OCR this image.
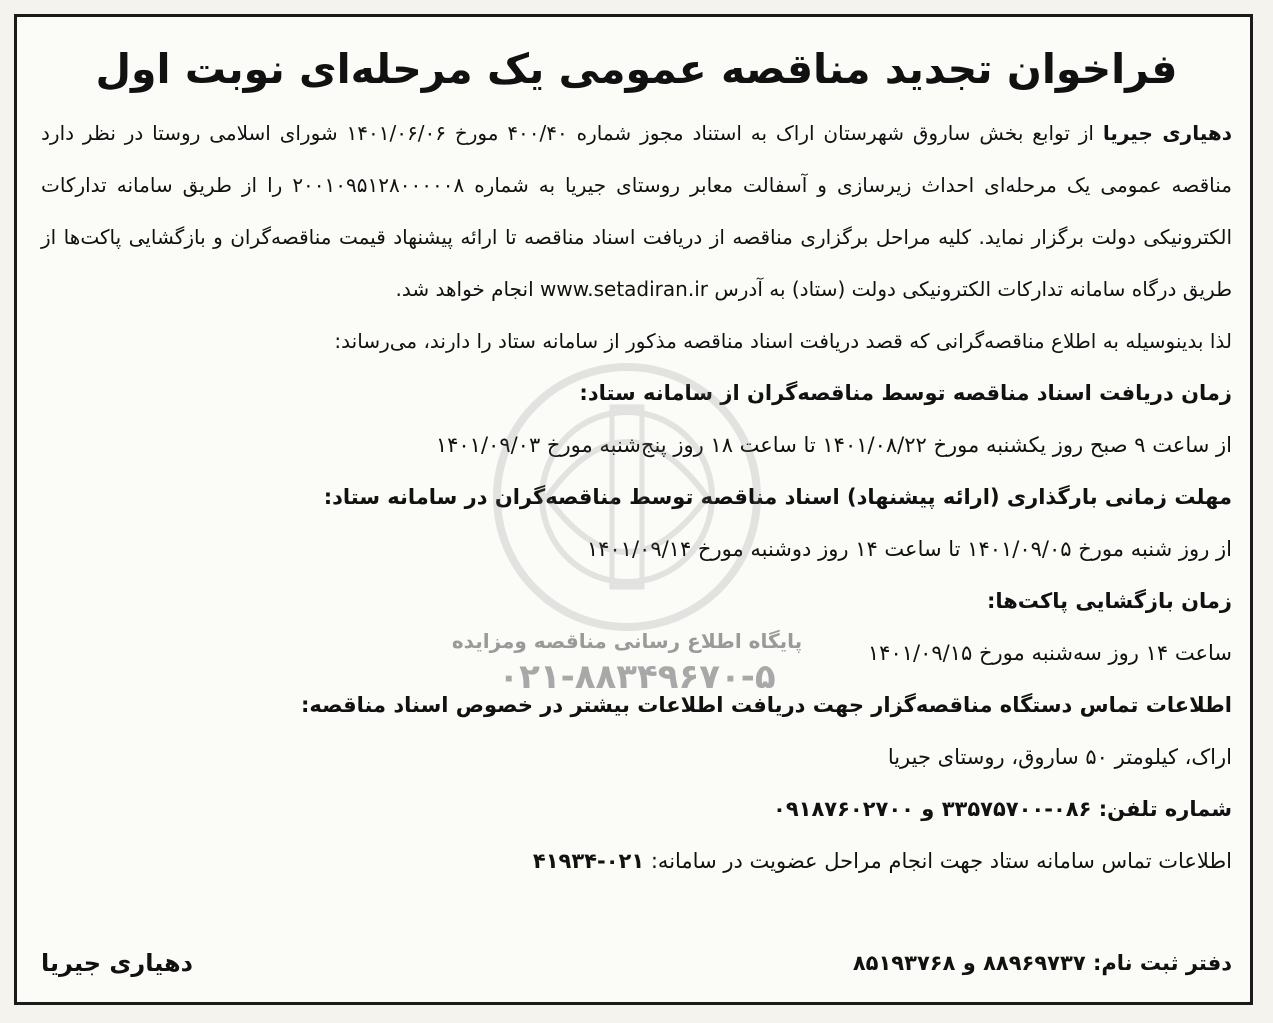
فراخوان تجدید مناقصه عمومی یک مرحله‌ای نوبت اول
دهیاری جیریا از توابع بخش ساروق شهرستان اراک به استناد مجوز شماره ۴۰۰/۴۰ مورخ ۱۴۰۱/۰۶/۰۶ شورای اسلامی روستا در نظر دارد مناقصه عمومی یک مرحله‌ای احداث زیرسازی و آسفالت معابر روستای جیریا به شماره ۲۰۰۱۰۹۵۱۲۸۰۰۰۰۰۸ را از طریق سامانه تدارکات الکترونیکی دولت برگزار نماید. کلیه مراحل برگزاری مناقصه از دریافت اسناد مناقصه تا ارائه پیشنهاد قیمت مناقصه‌گران و بازگشایی پاکت‌ها از طریق درگاه سامانه تدارکات الکترونیکی دولت (ستاد) به آدرس www.setadiran.ir انجام خواهد شد.
لذا بدینوسیله به اطلاع مناقصه‌گرانی که قصد دریافت اسناد مناقصه مذکور از سامانه ستاد را دارند، می‌رساند:
زمان دریافت اسناد مناقصه توسط مناقصه‌گران از سامانه ستاد:
از ساعت ۹ صبح روز یکشنبه مورخ ۱۴۰۱/۰۸/۲۲ تا ساعت ۱۸ روز پنج‌شنبه مورخ ۱۴۰۱/۰۹/۰۳
مهلت زمانی بارگذاری (ارائه پیشنهاد) اسناد مناقصه توسط مناقصه‌گران در سامانه ستاد:
از روز شنبه مورخ ۱۴۰۱/۰۹/۰۵ تا ساعت ۱۴ روز دوشنبه مورخ ۱۴۰۱/۰۹/۱۴
زمان بازگشایی پاکت‌ها:
ساعت ۱۴ روز سه‌شنبه مورخ ۱۴۰۱/۰۹/۱۵
اطلاعات تماس دستگاه مناقصه‌گزار جهت دریافت اطلاعات بیشتر در خصوص اسناد مناقصه:
اراک، کیلومتر ۵۰ ساروق، روستای جیریا
شماره تلفن: ۰۸۶-۳۳۵۷۵۷۰۰ و ۰۹۱۸۷۶۰۲۷۰۰
اطلاعات تماس سامانه ستاد جهت انجام مراحل عضویت در سامانه: ۰۲۱-۴۱۹۳۴
دفتر ثبت نام: ۸۸۹۶۹۷۳۷ و ۸۵۱۹۳۷۶۸
دهیاری جیریا
پایگاه اطلاع رسانی مناقصه ومزایده
۰۲۱-۸۸۳۴۹۶۷۰-۵
